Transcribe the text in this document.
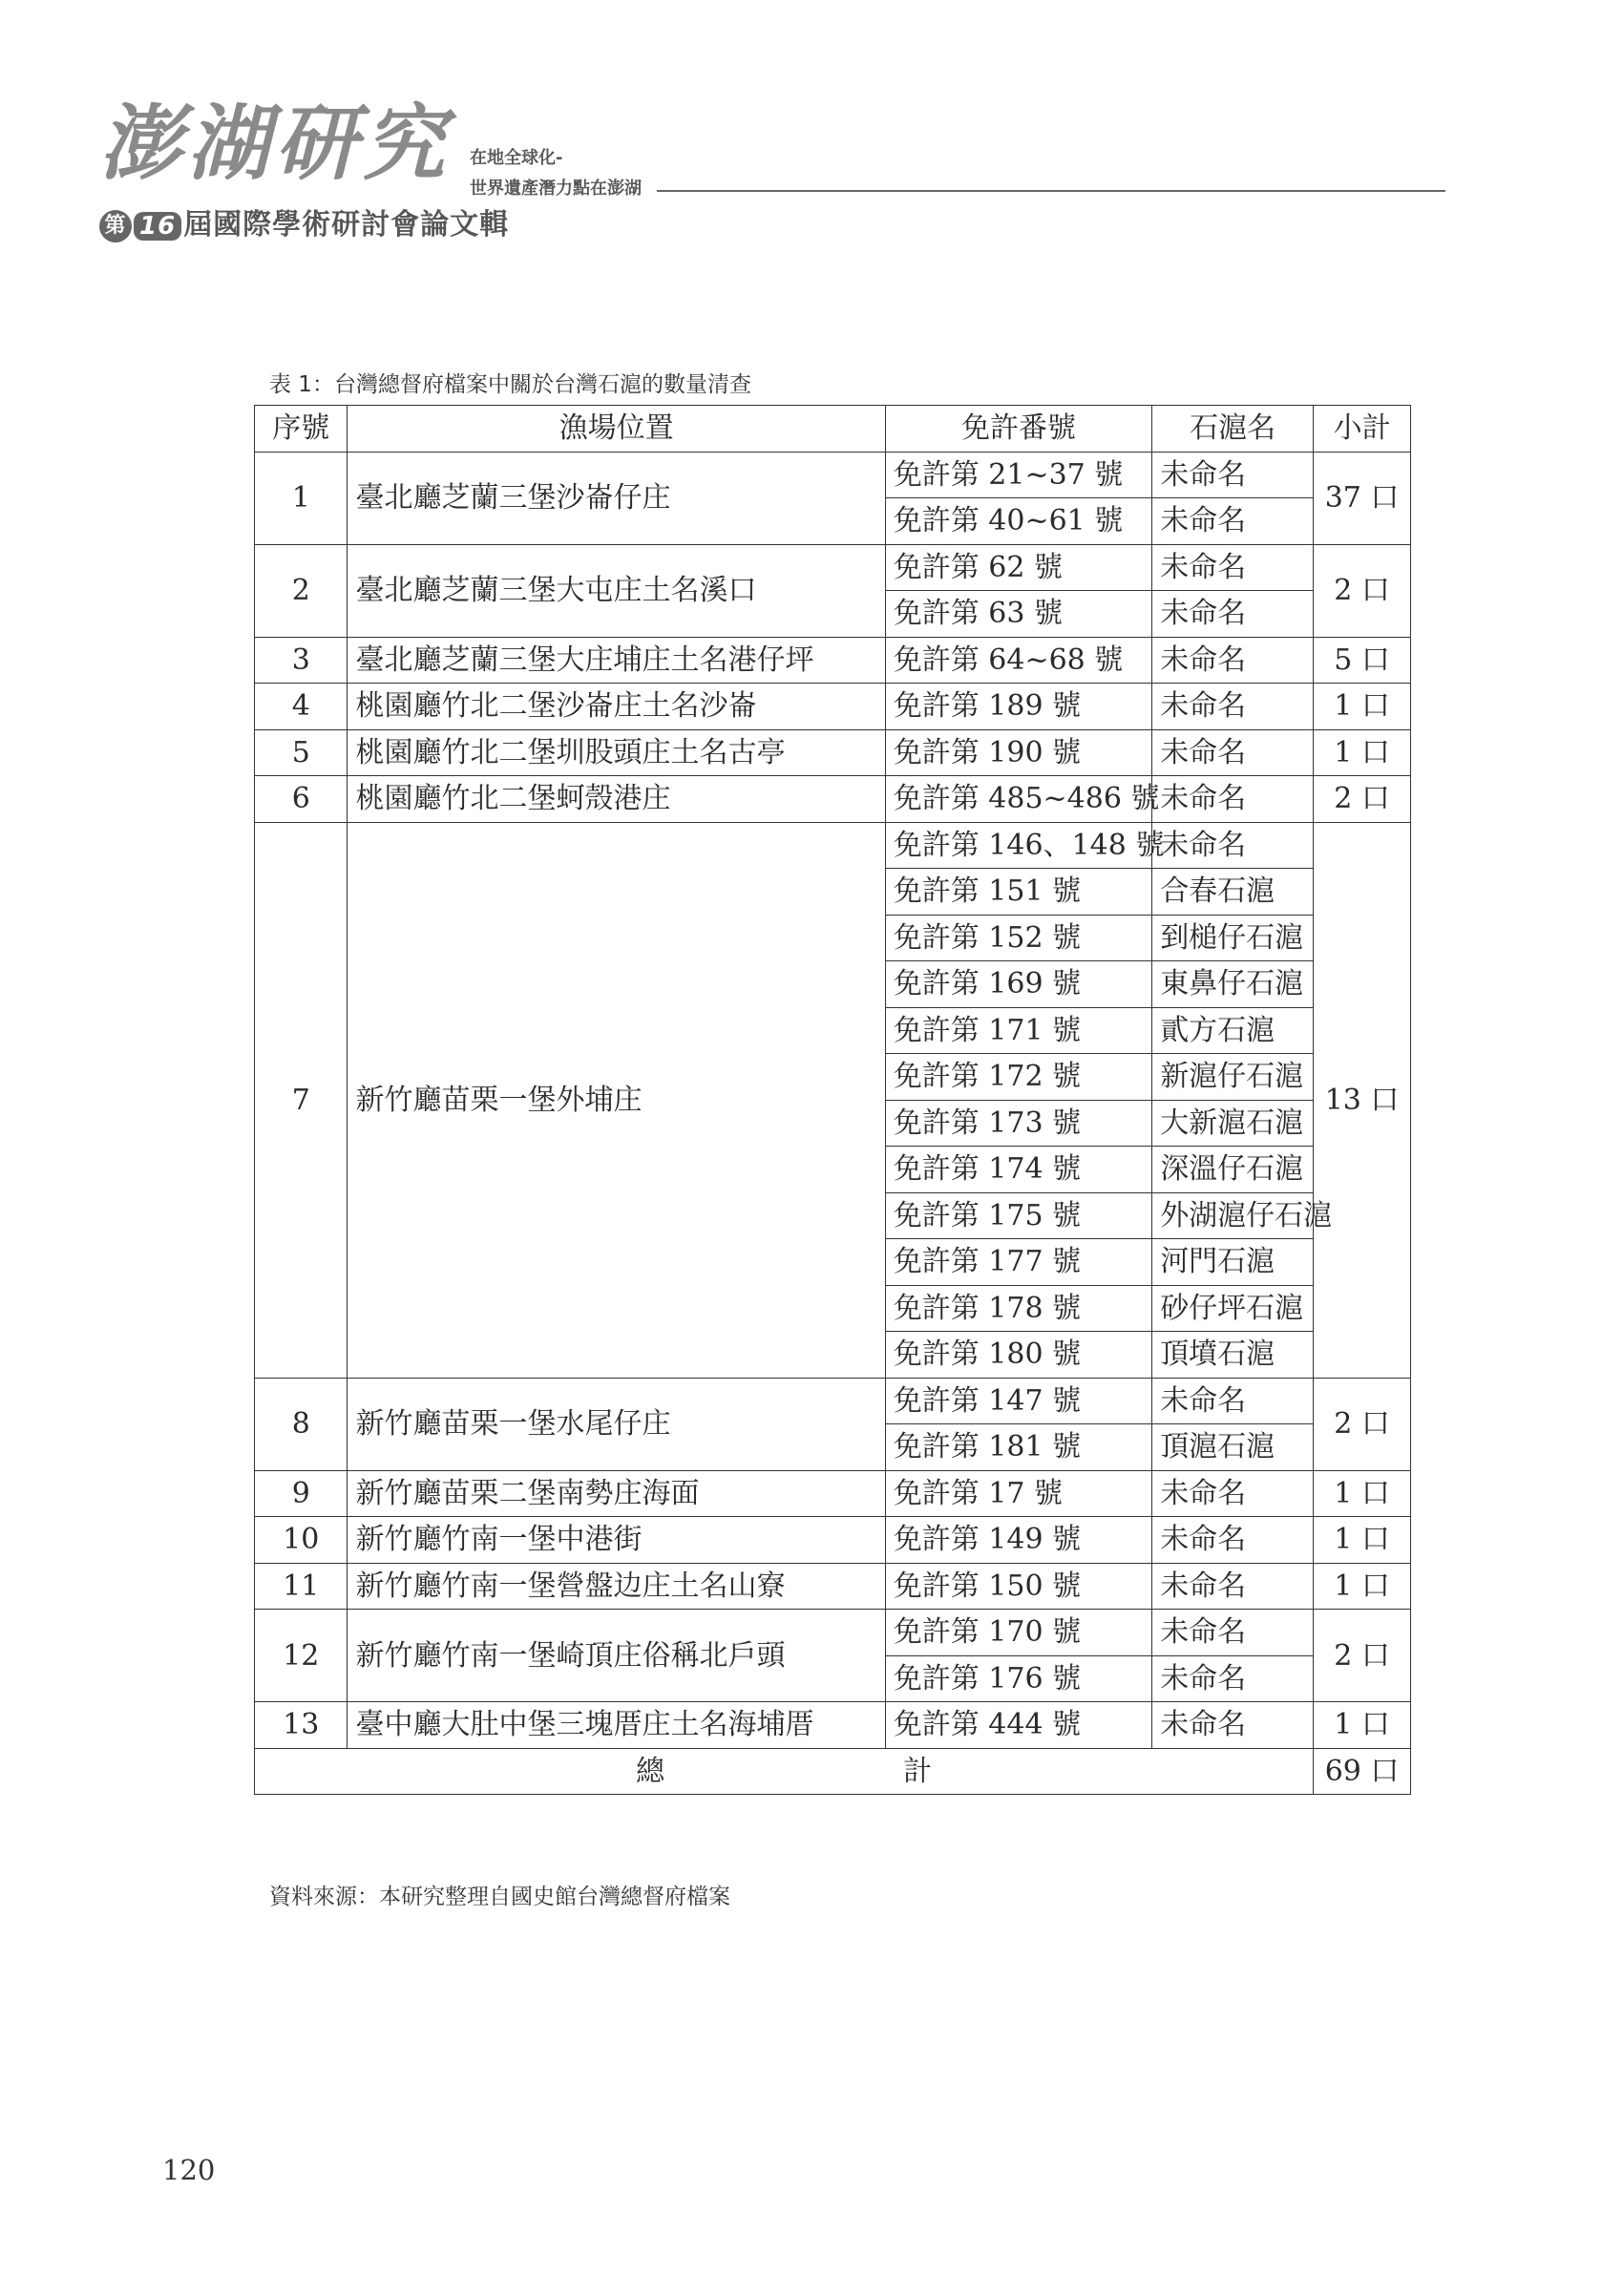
澎湖研究
第 16 屆國際學術研討會論文輯
在地全球化-
世界遺產潛力點在澎湖
表 1：台灣總督府檔案中關於台灣石滬的數量清查
序號	漁場位置	免許番號	石滬名	小計
1	臺北廳芝蘭三堡沙崙仔庄	免許第 21~37 號	未命名	37 口
		免許第 40~61 號	未命名	
2	臺北廳芝蘭三堡大屯庄土名溪口	免許第 62 號	未命名	2 口
		免許第 63 號	未命名	
3	臺北廳芝蘭三堡大庄埔庄土名港仔坪	免許第 64~68 號	未命名	5 口
4	桃園廳竹北二堡沙崙庄土名沙崙	免許第 189 號	未命名	1 口
5	桃園廳竹北二堡圳股頭庄土名古亭	免許第 190 號	未命名	1 口
6	桃園廳竹北二堡蚵殼港庄	免許第 485~486 號	未命名	2 口
7	新竹廳苗栗一堡外埔庄	免許第 146、148 號	未命名	13 口
		免許第 151 號	合春石滬	
		免許第 152 號	到槌仔石滬	
		免許第 169 號	東鼻仔石滬	
		免許第 171 號	貳方石滬	
		免許第 172 號	新滬仔石滬	
		免許第 173 號	大新滬石滬	
		免許第 174 號	深溫仔石滬	
		免許第 175 號	外湖滬仔石滬	
		免許第 177 號	河門石滬	
		免許第 178 號	砂仔坪石滬	
		免許第 180 號	頂墳石滬	
8	新竹廳苗栗一堡水尾仔庄	免許第 147 號	未命名	2 口
		免許第 181 號	頂滬石滬	
9	新竹廳苗栗二堡南勢庄海面	免許第 17 號	未命名	1 口
10	新竹廳竹南一堡中港街	免許第 149 號	未命名	1 口
11	新竹廳竹南一堡營盤边庄土名山寮	免許第 150 號	未命名	1 口
12	新竹廳竹南一堡崎頂庄俗稱北戶頭	免許第 170 號	未命名	2 口
		免許第 176 號	未命名	
13	臺中廳大肚中堡三塊厝庄土名海埔厝	免許第 444 號	未命名	1 口
總 計				69 口
資料來源：本研究整理自國史館台灣總督府檔案
120
